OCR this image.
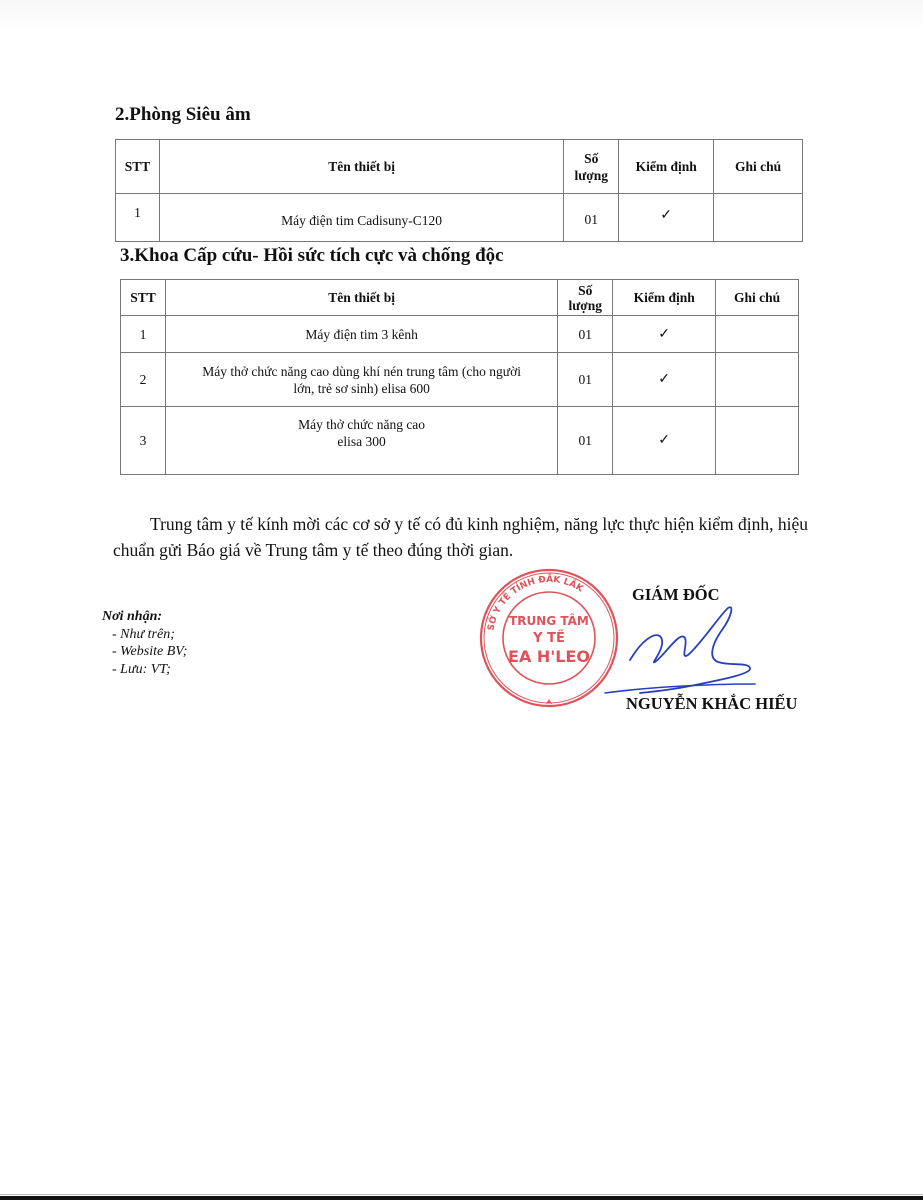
2.Phòng Siêu âm
STT	Tên thiết bị	Số
lượng	Kiểm định	Ghi chú
1	Máy điện tim Cadisuny-C120	01	✓	
3.Khoa Cấp cứu- Hồi sức tích cực và chống độc
STT	Tên thiết bị	Số
lượng	Kiểm định	Ghi chú
1	Máy điện tim 3 kênh	01	✓	
2	Máy thở chức năng cao dùng khí nén trung tâm (cho người
lớn, trẻ sơ sinh) elisa 600	01	✓	
3	Máy thở chức năng cao
elisa 300	01	✓	

Trung tâm y tế kính mời các cơ sở y tế có đủ kinh nghiệm, năng lực thực hiện kiểm định, hiệu chuẩn gửi Báo giá về Trung tâm y tế theo đúng thời gian.

Nơi nhận:
- Như trên;
- Website BV;
- Lưu: VT;
SỞ Y TẾ TỈNH ĐẮK LẮK
TRUNG TÂM
Y TẾ
EA H'LEO
GIÁM ĐỐC
NGUYỄN KHẮC HIẾU
